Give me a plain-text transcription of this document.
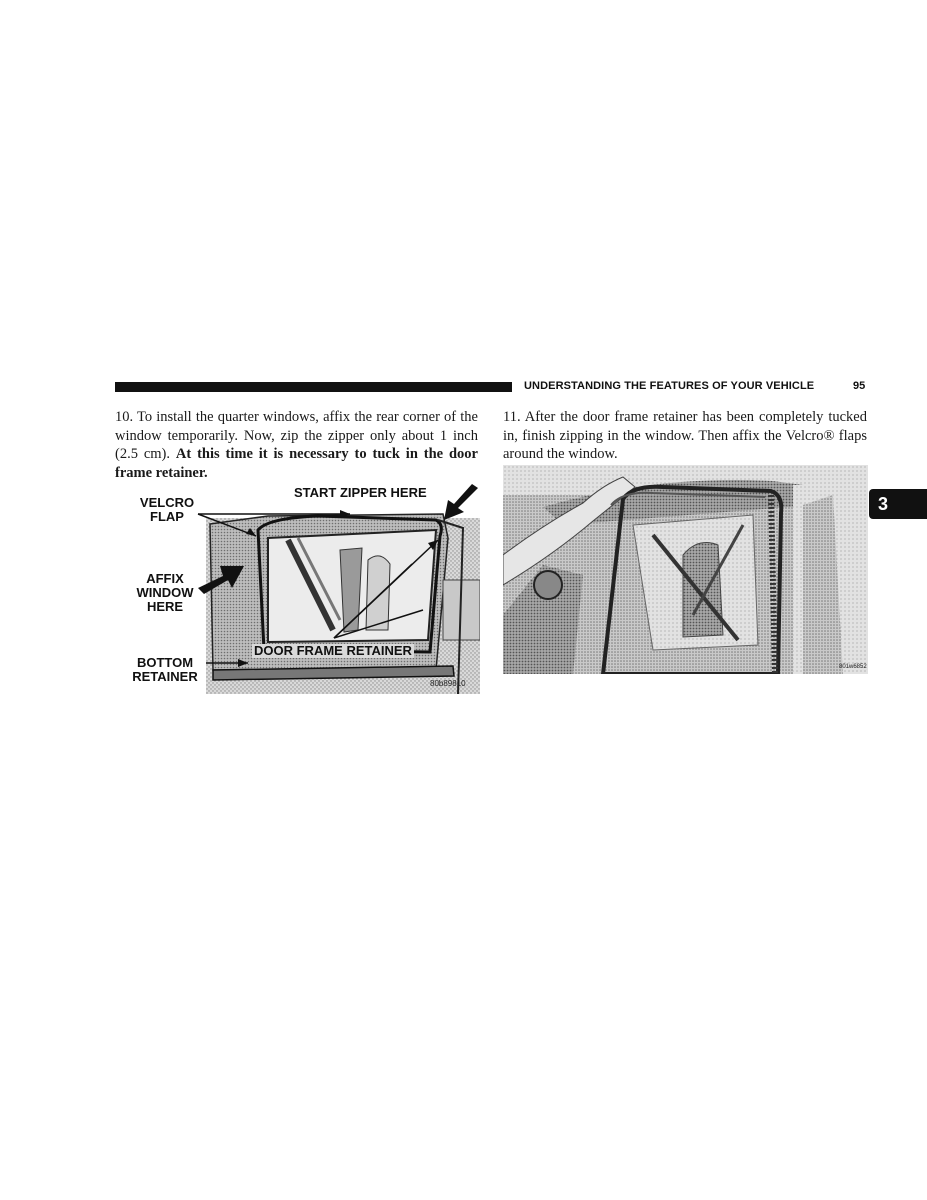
UNDERSTANDING THE FEATURES OF YOUR VEHICLE	95
10. To install the quarter windows, affix the rear corner of the window temporarily. Now, zip the zipper only about 1 inch (2.5 cm). At this time it is necessary to tuck in the door frame retainer.
11. After the door frame retainer has been completely tucked in, finish zipping in the window. Then affix the Velcro® flaps around the window.
3
VELCRO FLAP
START ZIPPER HERE
AFFIX WINDOW HERE
DOOR FRAME RETAINER
BOTTOM RETAINER	80b89810
801w6852
